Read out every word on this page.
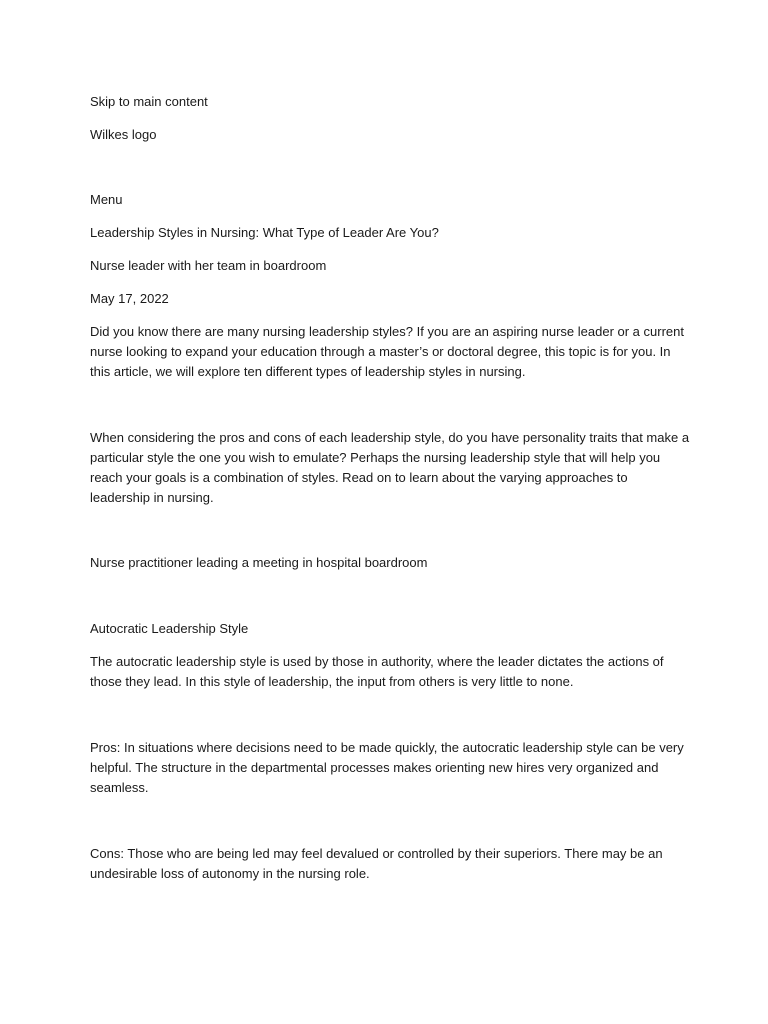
Skip to main content

Wilkes logo

Menu

Leadership Styles in Nursing: What Type of Leader Are You?

Nurse leader with her team in boardroom

May 17, 2022

Did you know there are many nursing leadership styles? If you are an aspiring nurse leader or a current nurse looking to expand your education through a master’s or doctoral degree, this topic is for you. In this article, we will explore ten different types of leadership styles in nursing.

When considering the pros and cons of each leadership style, do you have personality traits that make a particular style the one you wish to emulate? Perhaps the nursing leadership style that will help you reach your goals is a combination of styles. Read on to learn about the varying approaches to leadership in nursing.

Nurse practitioner leading a meeting in hospital boardroom

Autocratic Leadership Style

The autocratic leadership style is used by those in authority, where the leader dictates the actions of those they lead. In this style of leadership, the input from others is very little to none.

Pros: In situations where decisions need to be made quickly, the autocratic leadership style can be very helpful. The structure in the departmental processes makes orienting new hires very organized and seamless.

Cons: Those who are being led may feel devalued or controlled by their superiors. There may be an undesirable loss of autonomy in the nursing role.
